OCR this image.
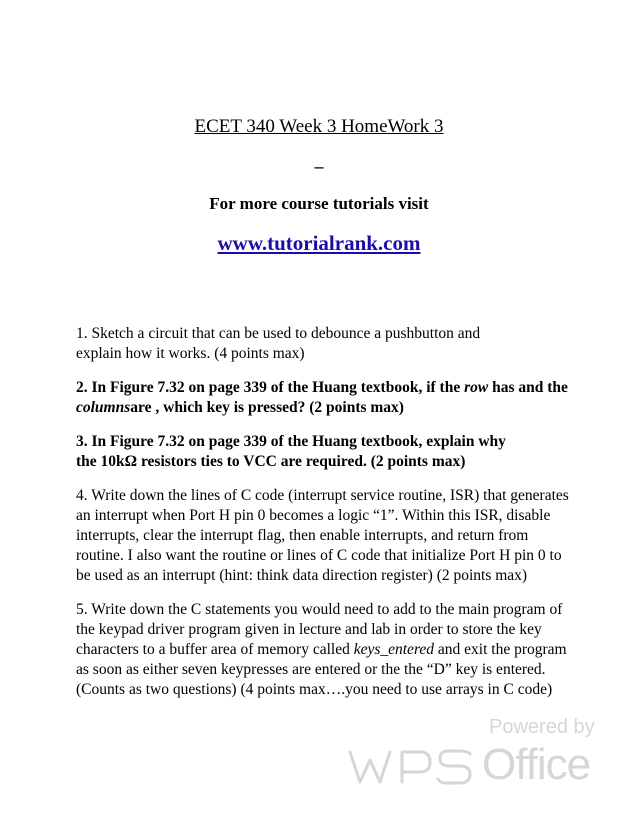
ECET 340 Week 3 HomeWork 3
–
For more course tutorials visit
www.tutorialrank.com

1. Sketch a circuit that can be used to debounce a pushbutton and
explain how it works. (4 points max)

2. In Figure 7.32 on page 339 of the Huang textbook, if the row has and the columnsare , which key is pressed? (2 points max)

3. In Figure 7.32 on page 339 of the Huang textbook, explain why
the 10kΩ resistors ties to VCC are required. (2 points max)

4. Write down the lines of C code (interrupt service routine, ISR) that generates an interrupt when Port H pin 0 becomes a logic “1”. Within this ISR, disable interrupts, clear the interrupt flag, then enable interrupts, and return from routine. I also want the routine or lines of C code that initialize Port H pin 0 to be used as an interrupt (hint: think data direction register) (2 points max)

5. Write down the C statements you would need to add to the main program of the keypad driver program given in lecture and lab in order to store the key characters to a buffer area of memory called keys_entered and exit the program as soon as either seven keypresses are entered or the the “D” key is entered. (Counts as two questions) (4 points max….you need to use arrays in C code)

Powered by
Office
